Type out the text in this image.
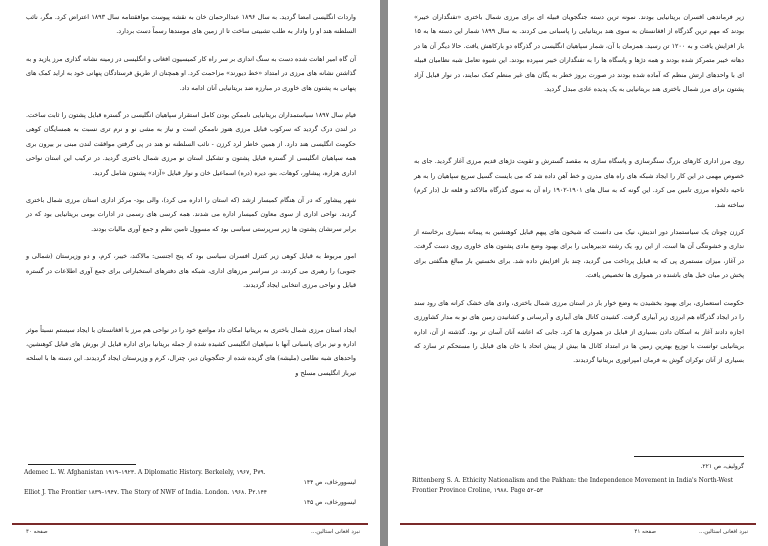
واردات انگلیسی امضا گردید. به سال ۱۸۹۶ عبدالرحمان خان به نقشه پیوست موافقتنامه سال ۱۸۹۳ اعتراض کرد. مگر، نائب السلطنه هند او را وادار به طلب تشبیتی ساخت تا از زمین های مومندها رسماً دست بردارد.

آن گاه امیر اهانت شده دست به سنگ اندازی بر سر راه کار کمیسیون افغانی و انگلیسی در زمینه نشانه گذاری مرز یازید و به گذاشتن نشانه های مرزی در امتداد «خط دیورند» مزاحمت کرد. او همچنان از طریق فرستادگان پنهانی خود به اراید کمک های پنهانی به پشتون های خاوری در مبارزه ضد بریتانیایی آنان ادامه داد.

فیام سال ۱۸۹۷ سیاستمداران بریتانیایی ناممکن بودن کامل استقرار سپاهیان انگلیسی در گستره قبایل پشتون را ثابت ساخت. در لندن درک گردید که سرکوب قبایل مرزی هنوز ناممکن است و نیاز به مشی نو و نرم تری نسبت به همسایگان کوهی حکومت انگلیسی هند دارد. از همین خاطر لرد کرزن - نائب السلطنه نو هند در پی گرفتن موافقت لندن مبنی بر بیرون بری همه سپاهیان انگلیسی از گستره قبایل پشتون و تشکیل استان نو مرزی شمال باختری گردید. در ترکیب این استان نواحی اداری هزاره، پیشاور، کوهات، بنو، دیره (دره) اسماعیل خان و نوار قبایل «آزاد» پشتون شامل گردید.

شهر پیشاور که در آن هنگام کمیسار ارشد (که استان را اداره می کرد)، والی بود- مرکز اداری استان مرزی شمال باختری گردید. نواحی اداری از سوی معاون کمیسار اداره می شدند. همه کرسی های رسمی در ادارات بومی بریتانیایی بود که در برابر سرنشان پشتون ها زیر سرپرستی سیاسی بود که مسوول تامین نظم و جمع آوری مالیات بودند.

امور مربوط به قبایل کوهی زیر کنترل افسران سیاسی بود که پنج اجنسی: مالاکند، خیبر، کرم، و دو وزیرستان (شمالی و جنوبی) را رهبری می کردند. در سراسر مرزهای اداری، شبکه های دفترهای استخباراتی برای جمع آوری اطلاعات در گستره قبایل و نواحی مرزی انتخابی ایجاد گردیدند.

ایجاد استان مرزی شمال باختری به بریتانیا امکان داد مواضع خود را در نواحی هم مرز با افغانستان با ایجاد سیستم نسبتاً موثر اداره و نیز برای پاسبانی آنها با سپاهیان انگلیسی کشیده شده از جمله بریتانیا برای اداره قبایل از بورش های قبایل کوهنشین، واحدهای شبه نظامی (ملیشه) های گزیده شده از جنگجویان دیر، چترال، کرم و وزیرستان ایجاد گردیدند. این دسته ها با اسلحه تیرباز انگلیسی مسلح و

Ademec L. W. Afghanistan ۱۹۱۹–۱۹۲۳. A Diplomatic History. Berkelely, ۱۹۶۷, P۷۹.
لیسوورخاف، ص ۱۴۴
Elliot J. The Frontier ۱۸۳۹–۱۹۴۷. The Story of NWF of India. London. ۱۹۶۸. P۲.۱۴۴
لیسوورخاف، ص ۱۴۵
صفحه ۴۰	نبرد افغانی استالین...

زیر فرماندهی افسران بریتانیایی بودند. نمونه ترین دسته جنگجویان قبیله ای برای مرزی شمال باختری «تفنگداران خیبر» بودند که مهم ترین گذرگاه از افغانستان به سوی هند بریتانیایی را پاسبانی می کردند. به سال ۱۸۹۹ شمار این دسته ها به ۱۵ بار افزایش یافت و به ۱۲۰۰ تن رسید. همزمان با آن، شمار سپاهیان انگلیسی در گذرگاه دو بارکاهش یافت. حالا دیگر آن ها در دهانه خیبر متمرکز شده بودند و همه دژها و پاسگاه ها را به تفنگداران خیبر سپرده بودند. این شیوه تعامل شبه نظامیان قبیله ای با واحدهای ارتش منظم که آماده شده بودند در صورت بروز خطر به یگان های غیر منظم کمک نمایند، در نوار قبایل آزاد پشتون برای مرز شمال باختری هند بریتانیایی به یک پدیده عادی مبدل گردید.

روی مرز اداری کارهای بزرگ سنگرسازی و پاسگاه سازی به مقصد گسترش و تقویت دژهای قدیم مرزی آغاز گردید. جای به خصوص مهمی در این کار را ایجاد شبکه های راه های مدرن و خط آهن داده شد که می بایست گسیل سریع سپاهیان را به هر ناحیه دلخواه مرزی تامین می کرد. این گونه که به سال های ۱۹۰۱-۱۹۰۲ راه آن به سوی گذرگاه مالاکند و قلعه تل (دار کرم) ساخته شد.

کرزن چونان یک سیاستمدار دور اندیش، نیک می دانست که شیخون های پیهم قبایل کوهنشین به پیمانه بسیاری برخاسته از نداری و خشونتگی آن ها است. از این رو، یک رشته تدبیرهایی را برای بهبود وضع مادی پشتون های خاوری روی دست گرفت. در آغاز، میزان مستمری پی که به قبایل پرداخت می گردید، چند بار افزایش داده شد. برای نخستین بار مبالغ هنگفتی برای پخش در میان خیل های باشنده در همواری ها تخصیص یافت.

حکومت استعماری، برای بهبود بخشیدن به وضع خوار بار در استان مرزی شمال باختری، وادی های خشک کرانه های رود سند را در ایجاد گذرگاه هم ابرزی زیر آبیاری گرفت. کشیدن کانال های آبیاری و آبرسانی و کشانیدن زمین های نو به مدار کشاورزی اجازه دادند آغاز به اسکان دادن بسیاری از قبایل در همواری ها کرد. جابی که اعاشه آنان آسان تر بود. گذشته از آن، اداره بریتانیایی توانست با توزیع بهترین زمین ها در امتداد کانال ها بیش از پیش اتحاد با خان های قبایل را مستحکم تر سازد که بسیاری از آنان توکران گوش به فرمان امپراتوری بریتانیا گردیدند.

گرولیف، ص ۲۲۱.
Rittenberg S. A. Ethicity Nationalism and the Pakhan: the Independence Movement in India's North-West Frontier Province Croline, ۱۹۸۸. Page ۵۲–۵۳
صفحه ۴۱	نبرد افغانی استالین...
